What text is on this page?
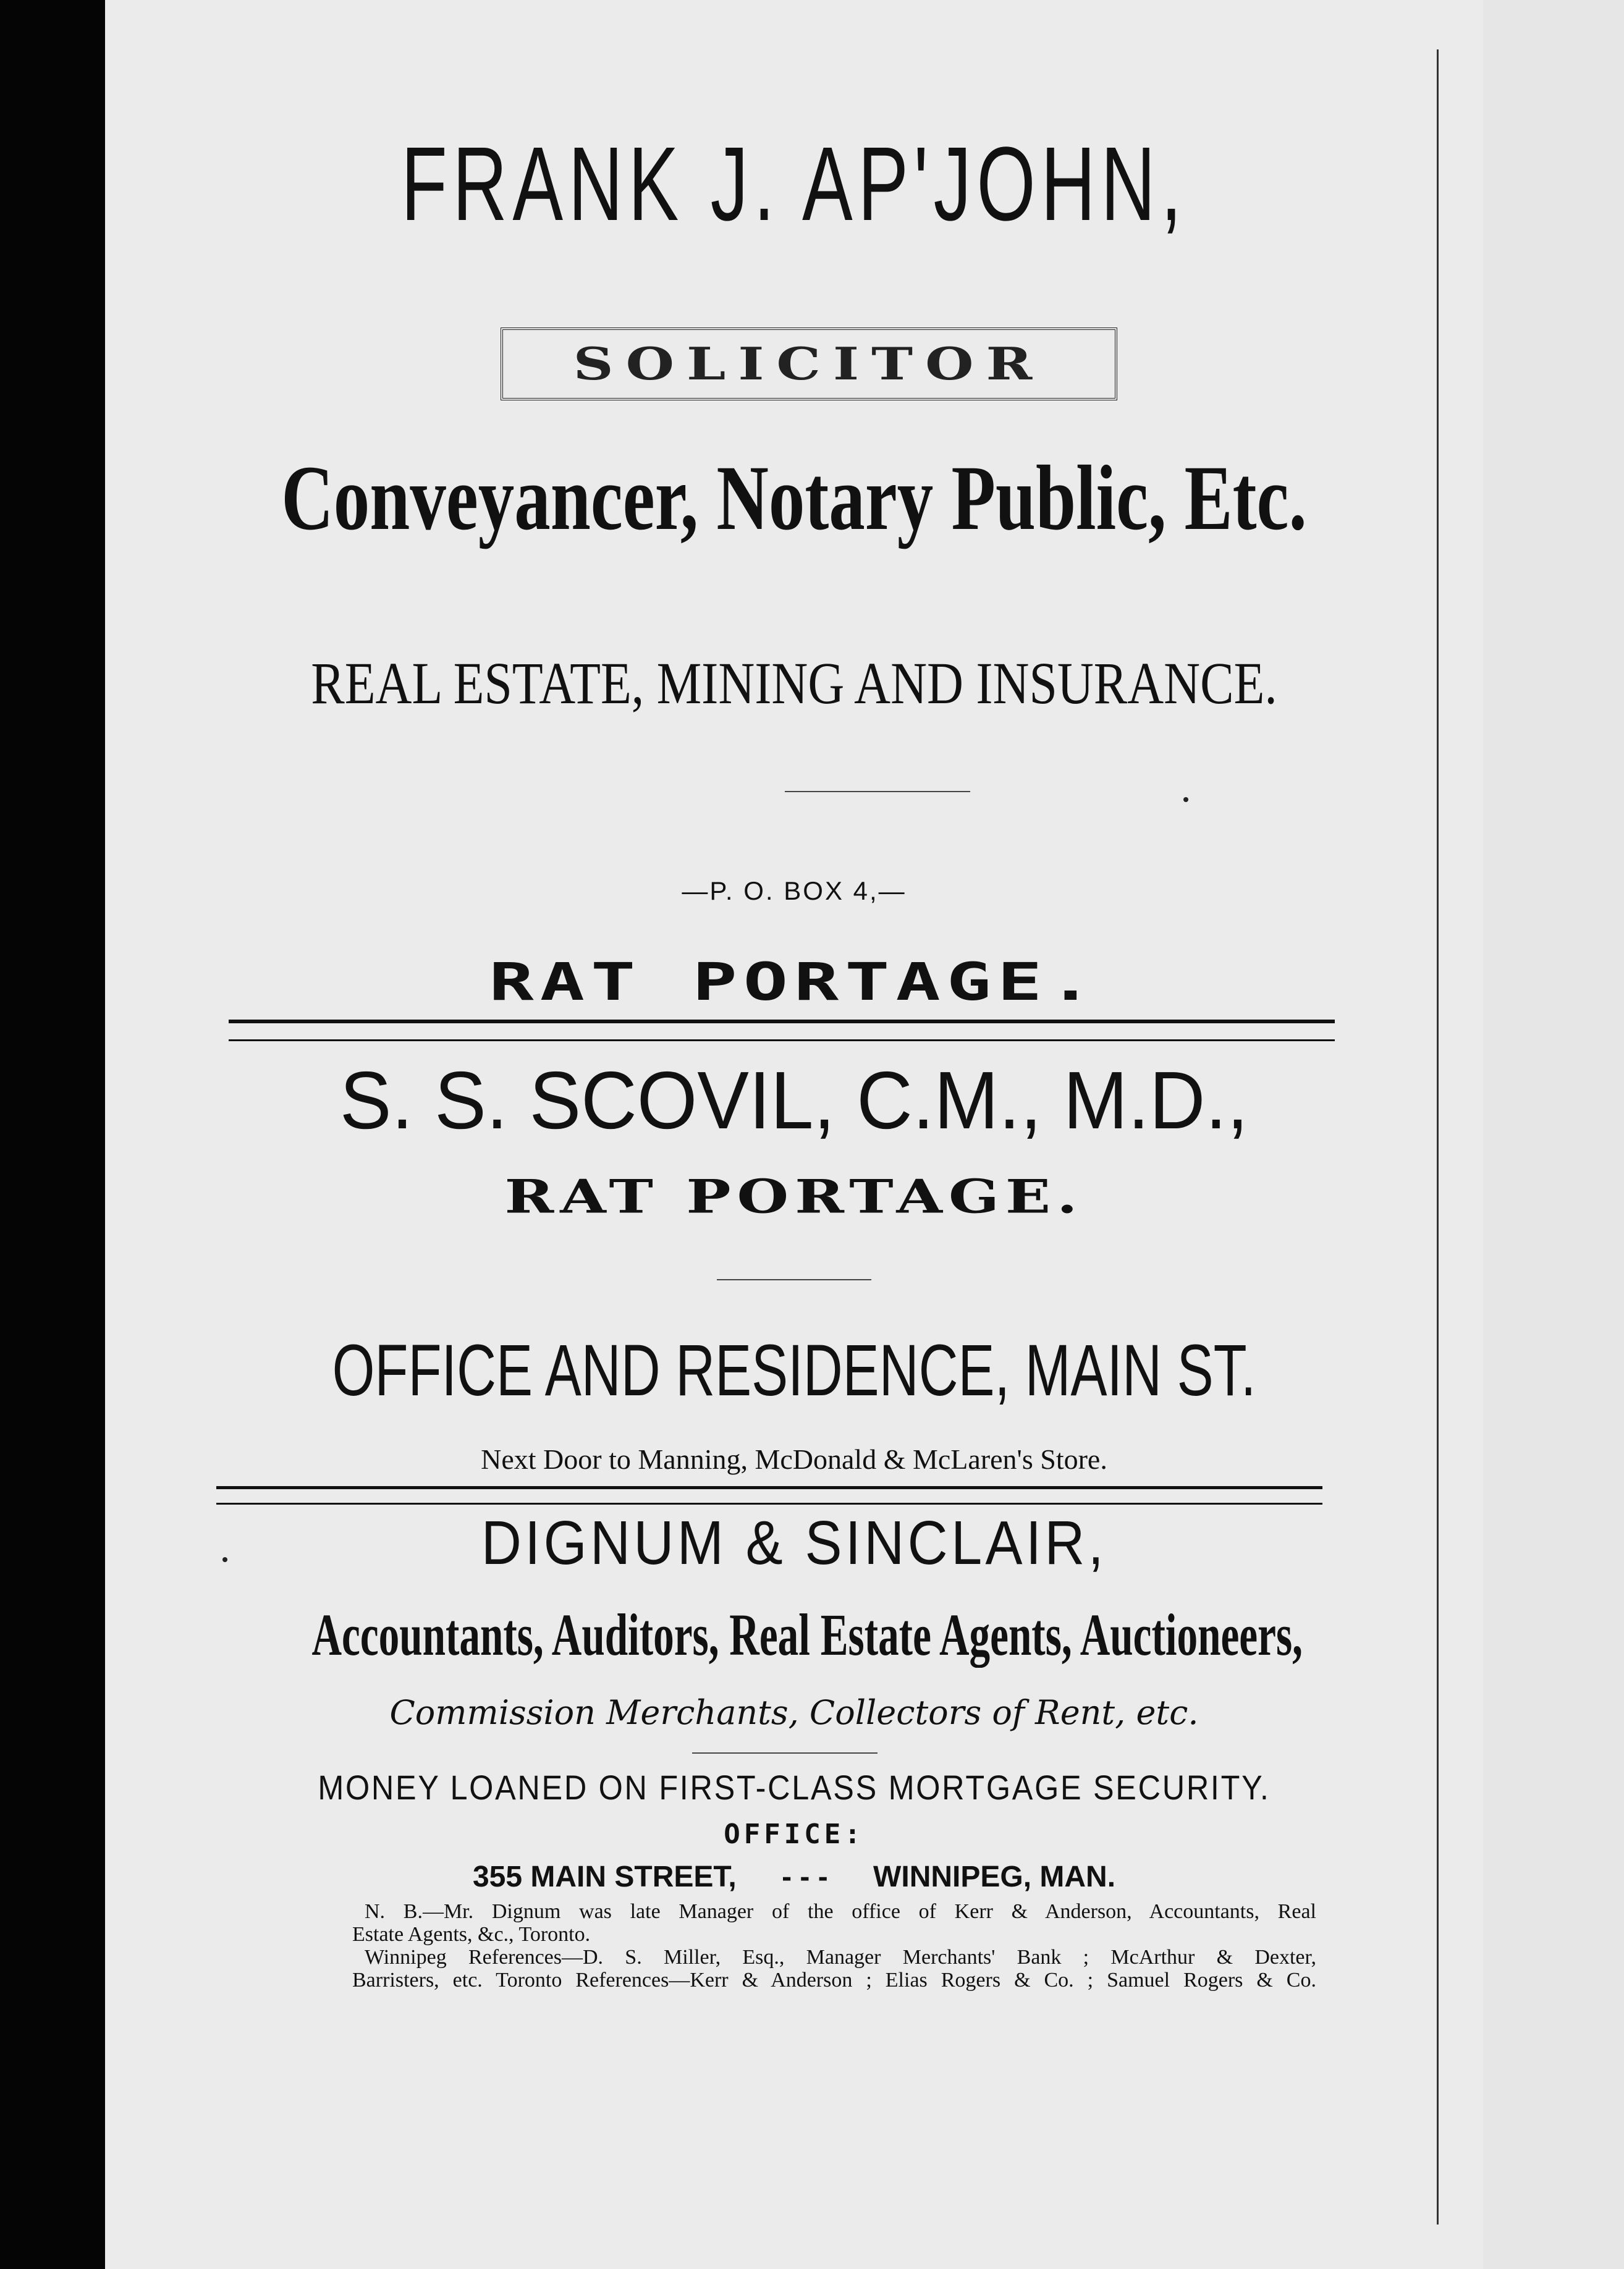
FRANK J. AP'JOHN,
SOLICITOR
Conveyancer, Notary Public, Etc.
REAL ESTATE, MINING AND INSURANCE.
—P. O. BOX 4,—
RAT PORTAGE.
S. S. SCOVIL, C.M., M.D.,
RAT PORTAGE.
OFFICE AND RESIDENCE, MAIN ST.
Next Door to Manning, McDonald & McLaren's Store.
DIGNUM & SINCLAIR,
Accountants, Auditors, Real Estate Agents, Auctioneers,
Commission Merchants, Collectors of Rent, etc.
MONEY LOANED ON FIRST-CLASS MORTGAGE SECURITY.
OFFICE:
355 MAIN STREET, - - - WINNIPEG, MAN.
N. B.—Mr. Dignum was late Manager of the office of Kerr & Anderson, Accountants, Real
Estate Agents, &c., Toronto.
Winnipeg References—D. S. Miller, Esq., Manager Merchants' Bank ; McArthur & Dexter,
Barristers, etc. Toronto References—Kerr & Anderson ; Elias Rogers & Co. ; Samuel Rogers & Co.
